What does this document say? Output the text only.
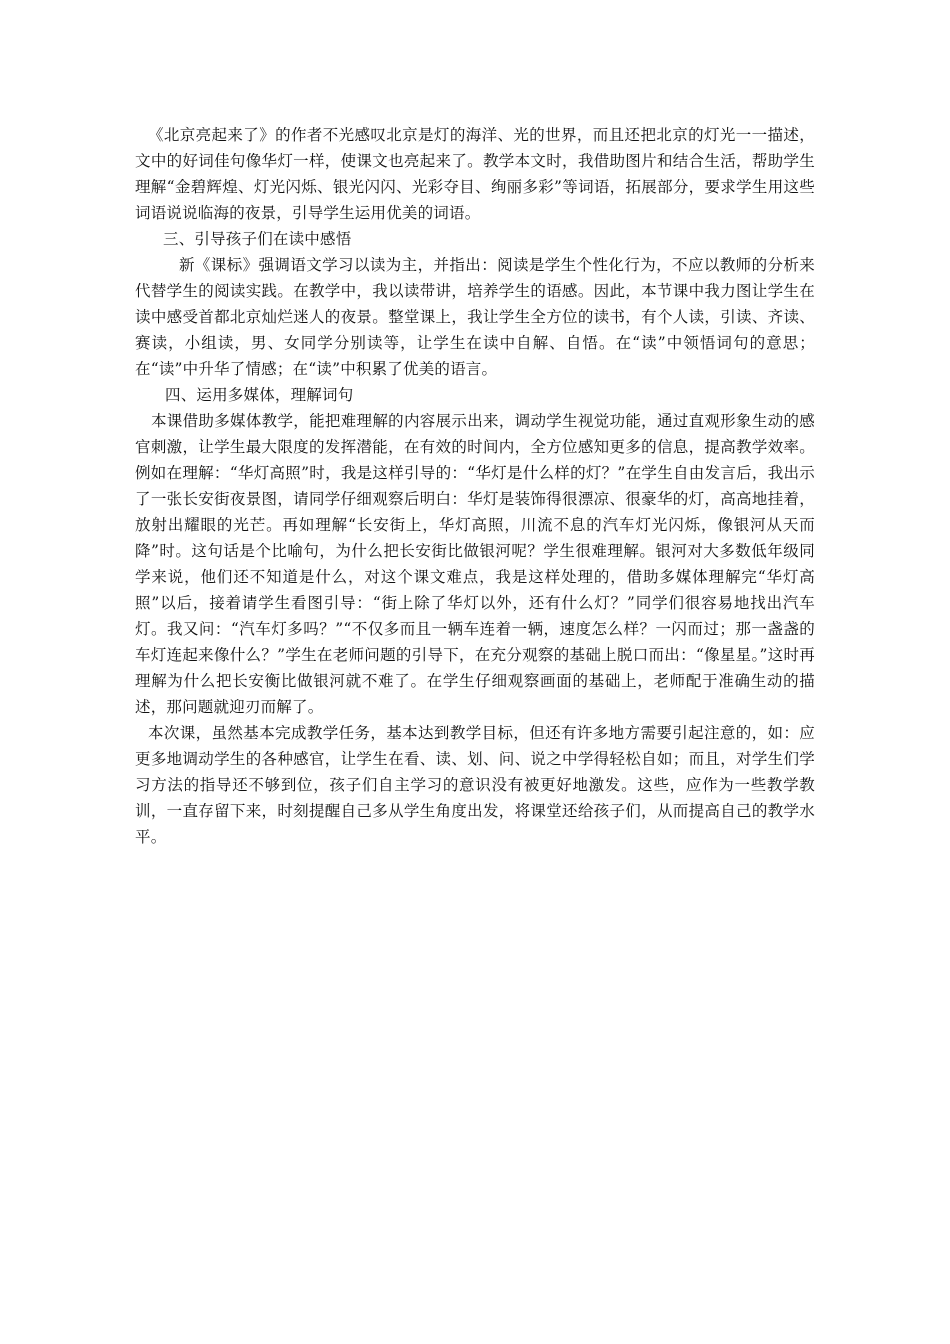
《北京亮起来了》的作者不光感叹北京是灯的海洋、光的世界，而且还把北京的灯光一一描述，文中的好词佳句像华灯一样，使课文也亮起来了。教学本文时，我借助图片和结合生活，帮助学生理解“金碧辉煌、灯光闪烁、银光闪闪、光彩夺目、绚丽多彩”等词语，拓展部分，要求学生用这些词语说说临海的夜景，引导学生运用优美的词语。

三、引导孩子们在读中感悟

新《课标》强调语文学习以读为主，并指出：阅读是学生个性化行为，不应以教师的分析来代替学生的阅读实践。在教学中，我以读带讲，培养学生的语感。因此，本节课中我力图让学生在读中感受首都北京灿烂迷人的夜景。整堂课上，我让学生全方位的读书，有个人读，引读、齐读、赛读，小组读，男、女同学分别读等，让学生在读中自解、自悟。在“读”中领悟词句的意思；在“读”中升华了情感；在“读”中积累了优美的语言。

四、运用多媒体，理解词句

本课借助多媒体教学，能把难理解的内容展示出来，调动学生视觉功能，通过直观形象生动的感官刺激，让学生最大限度的发挥潜能，在有效的时间内，全方位感知更多的信息，提高教学效率。例如在理解：“华灯高照”时，我是这样引导的：“华灯是什么样的灯？”在学生自由发言后，我出示了一张长安街夜景图，请同学仔细观察后明白：华灯是装饰得很漂凉、很豪华的灯，高高地挂着，放射出耀眼的光芒。再如理解“长安街上，华灯高照，川流不息的汽车灯光闪烁，像银河从天而降”时。这句话是个比喻句，为什么把长安街比做银河呢？学生很难理解。银河对大多数低年级同学来说，他们还不知道是什么，对这个课文难点，我是这样处理的，借助多媒体理解完“华灯高照”以后，接着请学生看图引导：“街上除了华灯以外，还有什么灯？”同学们很容易地找出汽车灯。我又问：“汽车灯多吗？”“不仅多而且一辆车连着一辆，速度怎么样？一闪而过；那一盏盏的车灯连起来像什么？”学生在老师问题的引导下，在充分观察的基础上脱口而出：“像星星。”这时再理解为什么把长安衡比做银河就不难了。在学生仔细观察画面的基础上，老师配于准确生动的描述，那问题就迎刃而解了。

本次课，虽然基本完成教学任务，基本达到教学目标，但还有许多地方需要引起注意的，如：应更多地调动学生的各种感官，让学生在看、读、划、问、说之中学得轻松自如；而且，对学生们学习方法的指导还不够到位，孩子们自主学习的意识没有被更好地激发。这些，应作为一些教学教训，一直存留下来，时刻提醒自己多从学生角度出发，将课堂还给孩子们，从而提高自己的教学水平。
